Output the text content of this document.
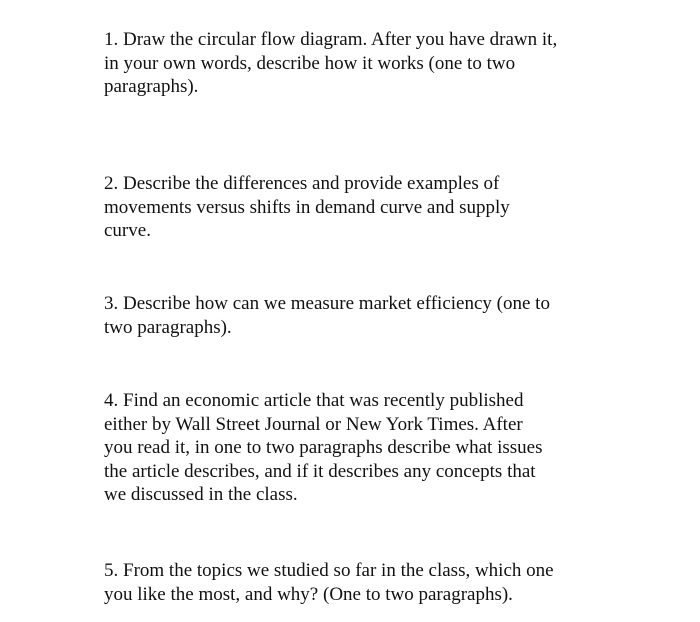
1. Draw the circular flow diagram. After you have drawn it,
in your own words, describe how it works (one to two
paragraphs).
2. Describe the differences and provide examples of
movements versus shifts in demand curve and supply
curve.
3. Describe how can we measure market efficiency (one to
two paragraphs).
4. Find an economic article that was recently published
either by Wall Street Journal or New York Times. After
you read it, in one to two paragraphs describe what issues
the article describes, and if it describes any concepts that
we discussed in the class.
5. From the topics we studied so far in the class, which one
you like the most, and why? (One to two paragraphs).
